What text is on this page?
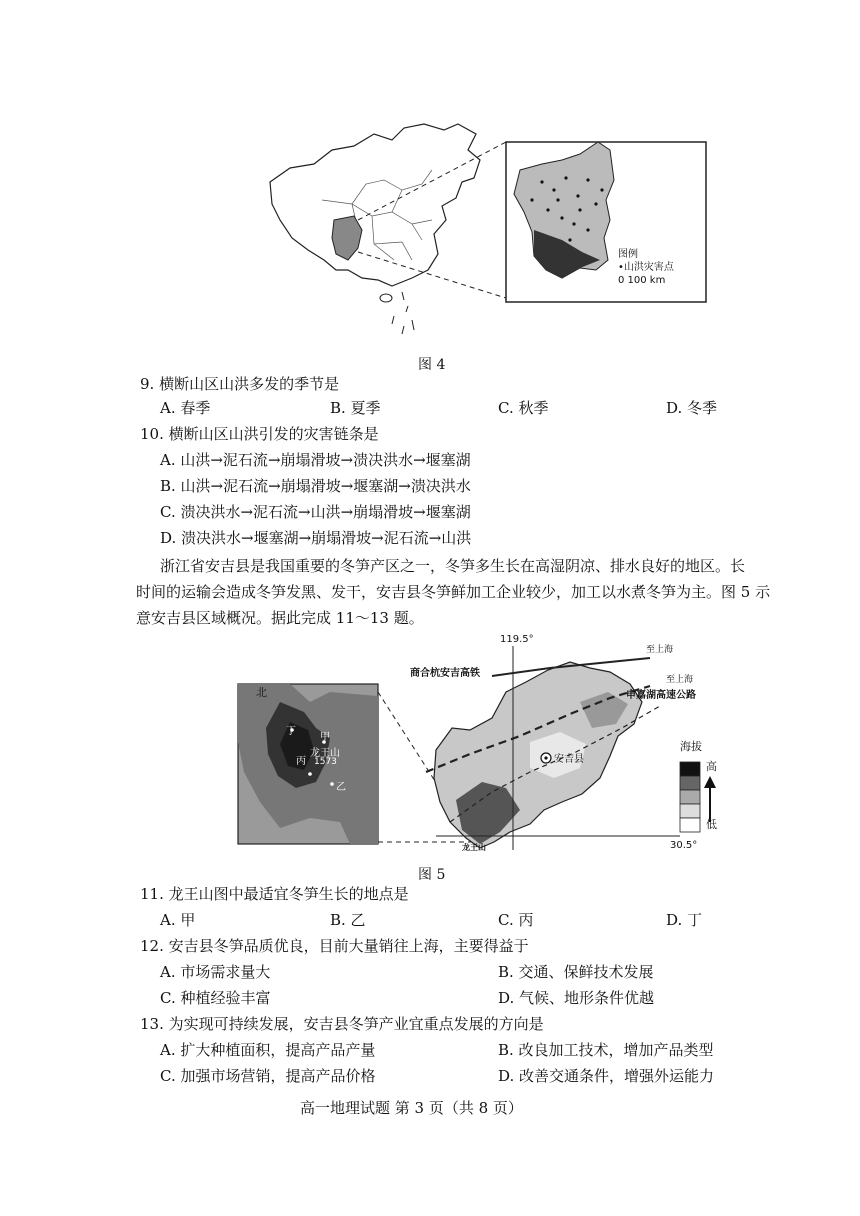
图例
•山洪灾害点
0 100 km
图 4
9. 横断山区山洪多发的季节是
A. 春季	B. 夏季	C. 秋季	D. 冬季
10. 横断山区山洪引发的灾害链条是
A. 山洪→泥石流→崩塌滑坡→溃决洪水→堰塞湖
B. 山洪→泥石流→崩塌滑坡→堰塞湖→溃决洪水
C. 溃决洪水→泥石流→山洪→崩塌滑坡→堰塞湖
D. 溃决洪水→堰塞湖→崩塌滑坡→泥石流→山洪
浙江省安吉县是我国重要的冬笋产区之一，冬笋多生长在高湿阴凉、排水良好的地区。长
时间的运输会造成冬笋发黑、发干，安吉县冬笋鲜加工企业较少，加工以水煮冬笋为主。图 5 示
意安吉县区域概况。据此完成 11～13 题。
119.5°
30.5°
商合杭安吉高铁
至上海
至上海
申嘉湖高速公路
安吉县
龙王山
海拔
高
低
北
甲
龙王山
1573
丙
乙
丁
图 5
11. 龙王山图中最适宜冬笋生长的地点是
A. 甲	B. 乙	C. 丙	D. 丁
12. 安吉县冬笋品质优良，目前大量销往上海，主要得益于
A. 市场需求量大	B. 交通、保鲜技术发展
C. 种植经验丰富	D. 气候、地形条件优越
13. 为实现可持续发展，安吉县冬笋产业宜重点发展的方向是
A. 扩大种植面积，提高产品产量	B. 改良加工技术，增加产品类型
C. 加强市场营销，提高产品价格	D. 改善交通条件，增强外运能力
高一地理试题 第 3 页（共 8 页）
